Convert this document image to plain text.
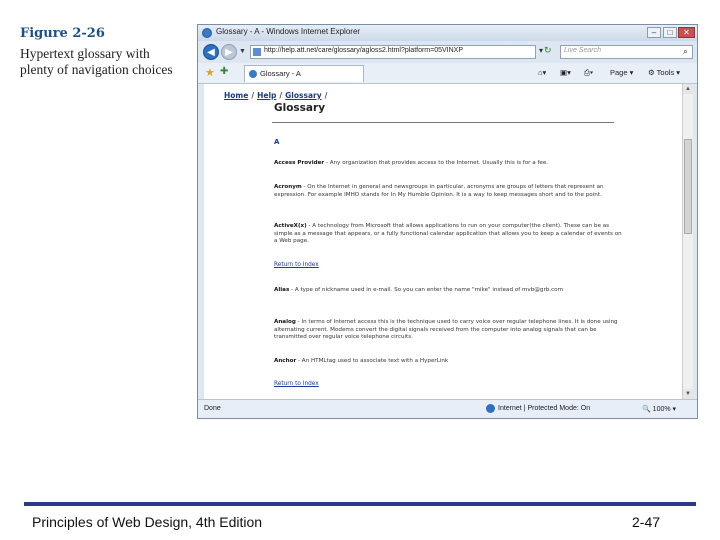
Figure 2-26
Hypertext glossary with plenty of navigation choices
Glossary - A - Windows Internet Explorer	–	□	✕
◀	▶ ▼	http://help.att.net/care/glossary/agloss2.html?platform=05VINXP	▾ ↻ Live Search	⌕
★ ✚	Glossary - A	⌂▾ ▣▾ ⎙▾ Page ▾ ⚙ Tools ▾
Home / Help / Glossary /
Glossary
A
Access Provider - Any organization that provides access to the Internet. Usually this is for a fee.
Acronym - On the Internet in general and newsgroups in particular, acronyms are groups of letters that represent an expression. For example IMHO stands for In My Humble Opinion. It is a way to keep messages short and to the point.
ActiveX(x) - A technology from Microsoft that allows applications to run on your computer(the client). These can be as simple as a message that appears, or a fully functional calendar application that allows you to keep a calendar of events on a Web page.
Return to Index
Alias - A type of nickname used in e-mail. So you can enter the name "mike" instead of mvb@grb.com
Analog - In terms of Internet access this is the technique used to carry voice over regular telephone lines. It is done using alternating current. Modems convert the digital signals received from the computer into analog signals that can be transmitted over regular voice telephone circuits.
Anchor - An HTMLtag used to associate text with a HyperLink
Return to Index
▲
▼
Done	Internet | Protected Mode: On	🔍 100% ▾
Principles of Web Design, 4th Edition	2-47
